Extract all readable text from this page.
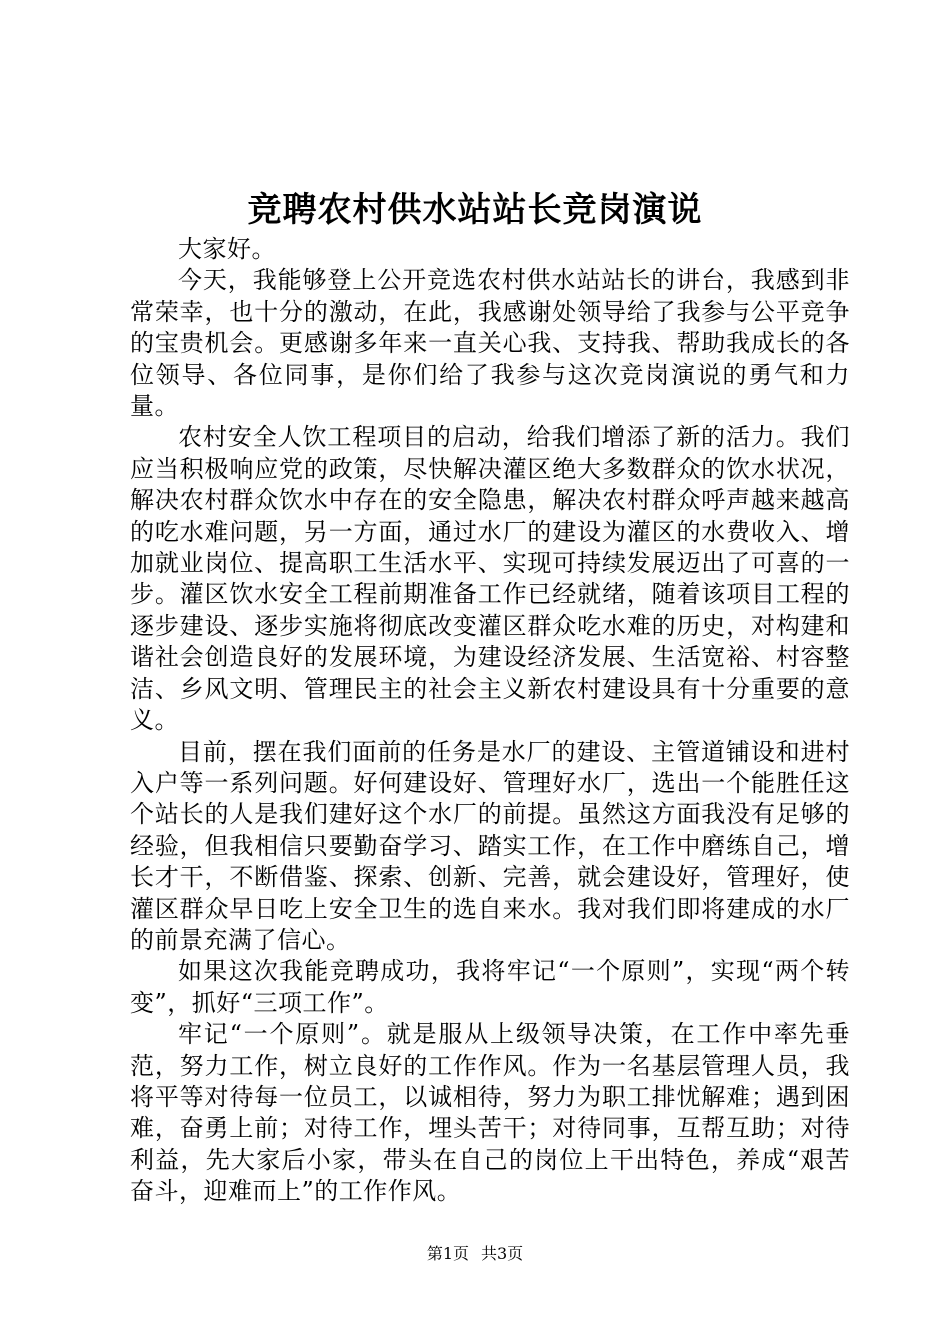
竞聘农村供水站站长竞岗演说

大家好。

今天，我能够登上公开竞选农村供水站站长的讲台，我感到非常荣幸，也十分的激动，在此，我感谢处领导给了我参与公平竞争的宝贵机会。更感谢多年来一直关心我、支持我、帮助我成长的各位领导、各位同事，是你们给了我参与这次竞岗演说的勇气和力量。

农村安全人饮工程项目的启动，给我们增添了新的活力。我们应当积极响应党的政策，尽快解决灌区绝大多数群众的饮水状况，解决农村群众饮水中存在的安全隐患，解决农村群众呼声越来越高的吃水难问题，另一方面，通过水厂的建设为灌区的水费收入、增加就业岗位、提高职工生活水平、实现可持续发展迈出了可喜的一步。灌区饮水安全工程前期准备工作已经就绪，随着该项目工程的逐步建设、逐步实施将彻底改变灌区群众吃水难的历史，对构建和谐社会创造良好的发展环境，为建设经济发展、生活宽裕、村容整洁、乡风文明、管理民主的社会主义新农村建设具有十分重要的意义。

目前，摆在我们面前的任务是水厂的建设、主管道铺设和进村入户等一系列问题。好何建设好、管理好水厂，选出一个能胜任这个站长的人是我们建好这个水厂的前提。虽然这方面我没有足够的经验，但我相信只要勤奋学习、踏实工作，在工作中磨练自己，增长才干，不断借鉴、探索、创新、完善，就会建设好，管理好，使灌区群众早日吃上安全卫生的选自来水。我对我们即将建成的水厂的前景充满了信心。

如果这次我能竞聘成功，我将牢记“一个原则”，实现“两个转变”，抓好“三项工作”。

牢记“一个原则”。就是服从上级领导决策，在工作中率先垂范，努力工作，树立良好的工作作风。作为一名基层管理人员，我将平等对待每一位员工，以诚相待，努力为职工排忧解难；遇到困难，奋勇上前；对待工作，埋头苦干；对待同事，互帮互助；对待利益，先大家后小家，带头在自己的岗位上干出特色，养成“艰苦奋斗，迎难而上”的工作作风。

第1页 共3页
